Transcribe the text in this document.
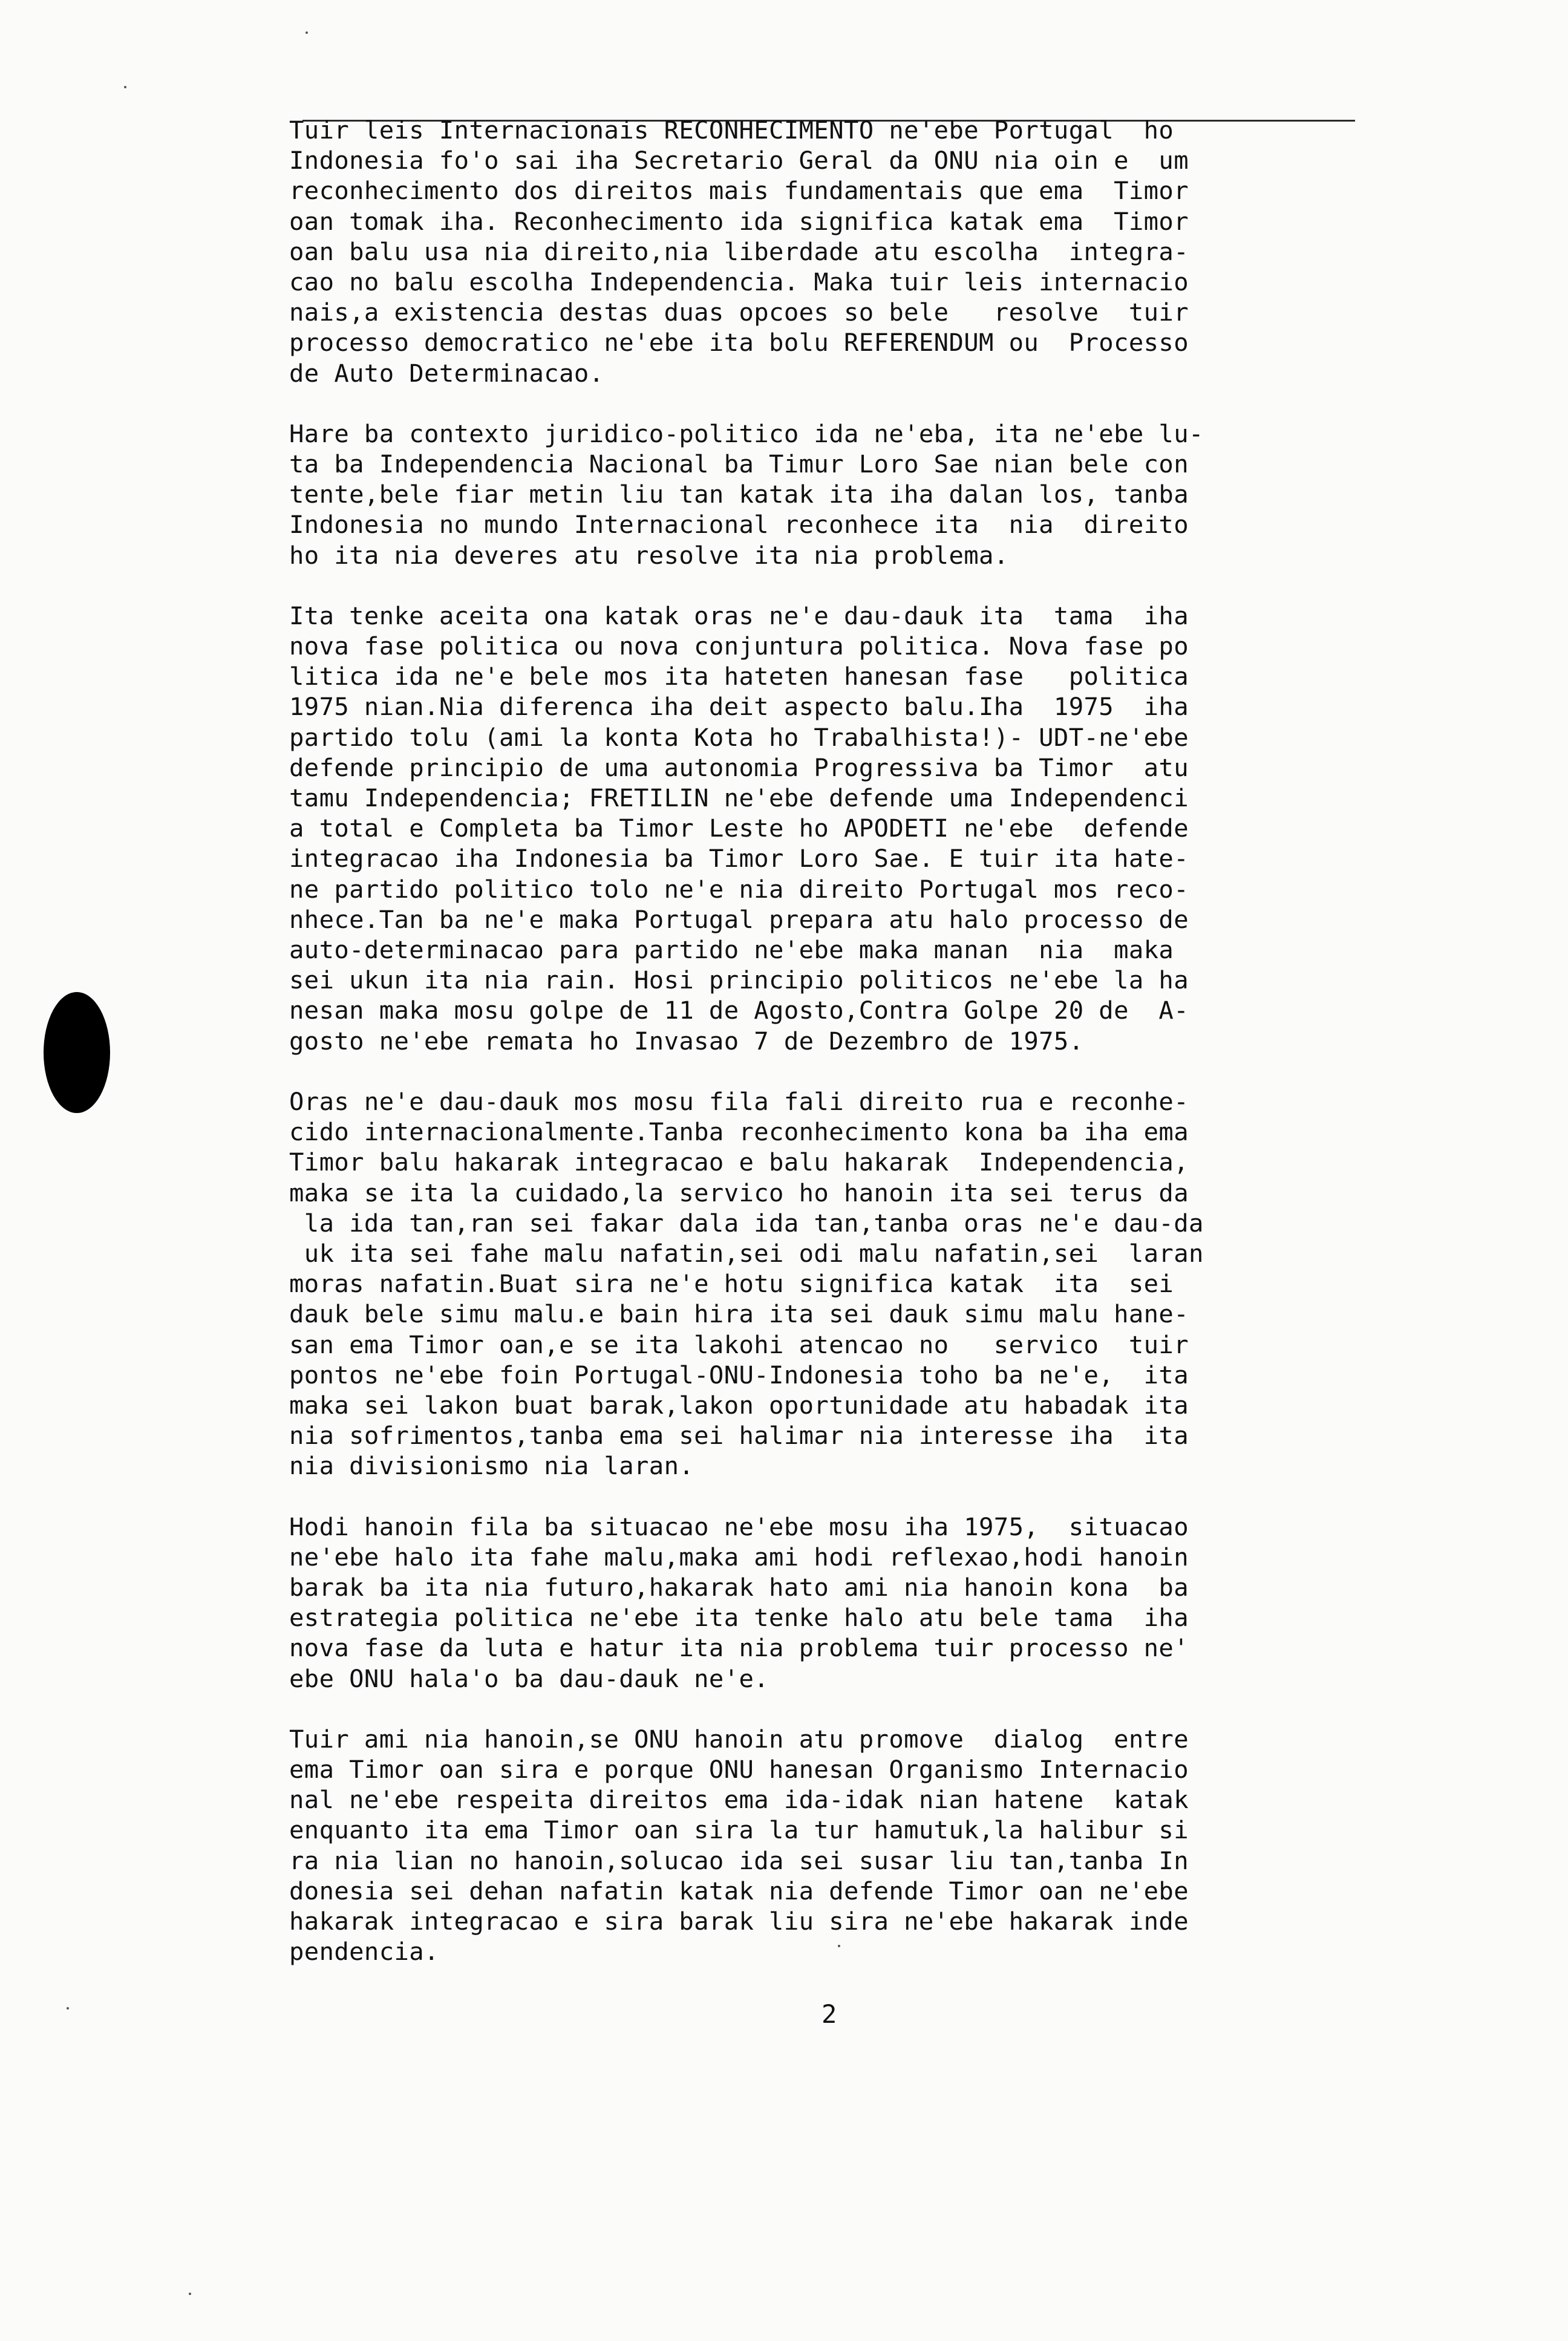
Tuir leis Internacionais RECONHECIMENTO ne'ebe Portugal  ho
Indonesia fo'o sai iha Secretario Geral da ONU nia oin e  um
reconhecimento dos direitos mais fundamentais que ema  Timor
oan tomak iha. Reconhecimento ida significa katak ema  Timor
oan balu usa nia direito,nia liberdade atu escolha  integra-
cao no balu escolha Independencia. Maka tuir leis internacio
nais,a existencia destas duas opcoes so bele   resolve  tuir
processo democratico ne'ebe ita bolu REFERENDUM ou  Processo
de Auto Determinacao.
Hare ba contexto juridico-politico ida ne'eba, ita ne'ebe lu-
ta ba Independencia Nacional ba Timur Loro Sae nian bele con
tente,bele fiar metin liu tan katak ita iha dalan los, tanba
Indonesia no mundo Internacional reconhece ita  nia  direito
ho ita nia deveres atu resolve ita nia problema.
Ita tenke aceita ona katak oras ne'e dau-dauk ita  tama  iha
nova fase politica ou nova conjuntura politica. Nova fase po
litica ida ne'e bele mos ita hateten hanesan fase   politica
1975 nian.Nia diferenca iha deit aspecto balu.Iha  1975  iha
partido tolu (ami la konta Kota ho Trabalhista!)- UDT-ne'ebe
defende principio de uma autonomia Progressiva ba Timor  atu
tamu Independencia; FRETILIN ne'ebe defende uma Independenci
a total e Completa ba Timor Leste ho APODETI ne'ebe  defende
integracao iha Indonesia ba Timor Loro Sae. E tuir ita hate-
ne partido politico tolo ne'e nia direito Portugal mos reco-
nhece.Tan ba ne'e maka Portugal prepara atu halo processo de
auto-determinacao para partido ne'ebe maka manan  nia  maka
sei ukun ita nia rain. Hosi principio politicos ne'ebe la ha
nesan maka mosu golpe de 11 de Agosto,Contra Golpe 20 de  A-
gosto ne'ebe remata ho Invasao 7 de Dezembro de 1975.
Oras ne'e dau-dauk mos mosu fila fali direito rua e reconhe-
cido internacionalmente.Tanba reconhecimento kona ba iha ema
Timor balu hakarak integracao e balu hakarak  Independencia,
maka se ita la cuidado,la servico ho hanoin ita sei terus da
la ida tan,ran sei fakar dala ida tan,tanba oras ne'e dau-da
uk ita sei fahe malu nafatin,sei odi malu nafatin,sei  laran
moras nafatin.Buat sira ne'e hotu significa katak  ita  sei
dauk bele simu malu.e bain hira ita sei dauk simu malu hane-
san ema Timor oan,e se ita lakohi atencao no   servico  tuir
pontos ne'ebe foin Portugal-ONU-Indonesia toho ba ne'e,  ita
maka sei lakon buat barak,lakon oportunidade atu habadak ita
nia sofrimentos,tanba ema sei halimar nia interesse iha  ita
nia divisionismo nia laran.
Hodi hanoin fila ba situacao ne'ebe mosu iha 1975,  situacao
ne'ebe halo ita fahe malu,maka ami hodi reflexao,hodi hanoin
barak ba ita nia futuro,hakarak hato ami nia hanoin kona  ba
estrategia politica ne'ebe ita tenke halo atu bele tama  iha
nova fase da luta e hatur ita nia problema tuir processo ne'
ebe ONU hala'o ba dau-dauk ne'e.
Tuir ami nia hanoin,se ONU hanoin atu promove  dialog  entre
ema Timor oan sira e porque ONU hanesan Organismo Internacio
nal ne'ebe respeita direitos ema ida-idak nian hatene  katak
enquanto ita ema Timor oan sira la tur hamutuk,la halibur si
ra nia lian no hanoin,solucao ida sei susar liu tan,tanba In
donesia sei dehan nafatin katak nia defende Timor oan ne'ebe
hakarak integracao e sira barak liu sira ne'ebe hakarak inde
pendencia.
2
